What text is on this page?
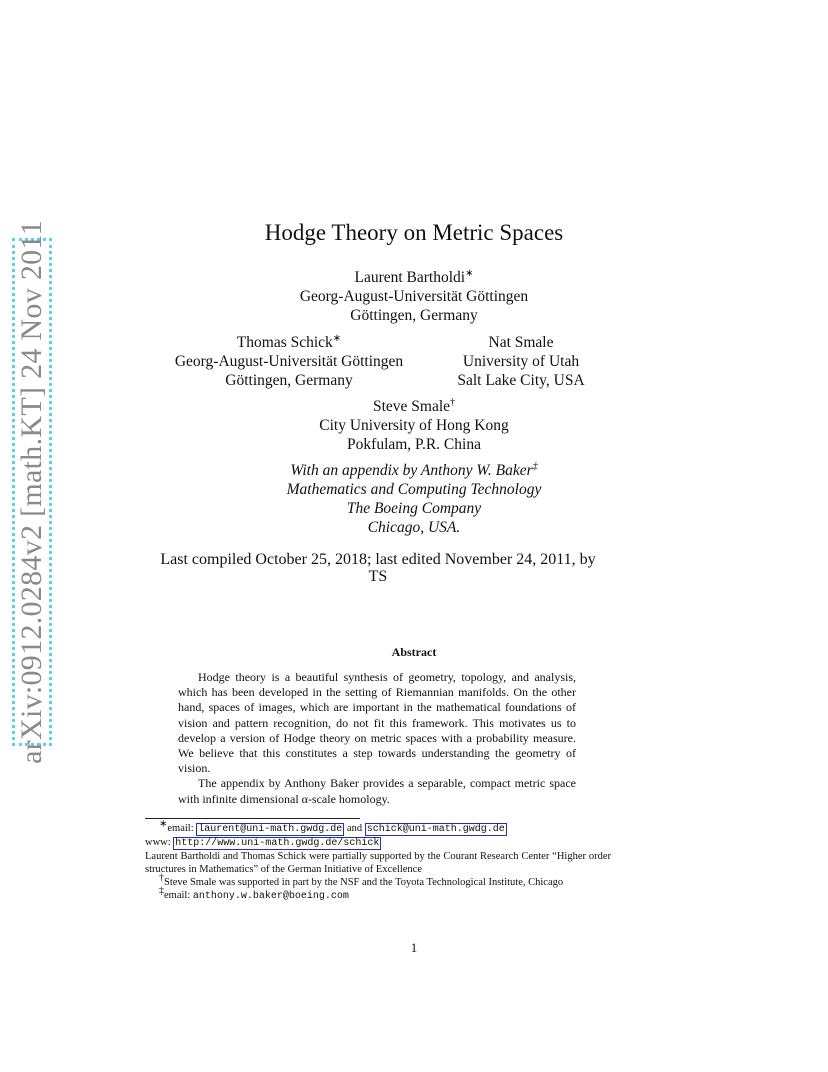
arXiv:0912.0284v2 [math.KT] 24 Nov 2011	Hodge Theory on Metric Spaces
Laurent Bartholdi∗
Georg-August-Universität Göttingen
Göttingen, Germany
Thomas Schick∗
Georg-August-Universität Göttingen
Göttingen, Germany
Nat Smale
University of Utah
Salt Lake City, USA
Steve Smale†
City University of Hong Kong
Pokfulam, P.R. China
With an appendix by Anthony W. Baker‡
Mathematics and Computing Technology
The Boeing Company
Chicago, USA.
Last compiled October 25, 2018; last edited November 24, 2011, by
TS
Abstract

Hodge theory is a beautiful synthesis of geometry, topology, and analysis, which has been developed in the setting of Riemannian manifolds. On the other hand, spaces of images, which are important in the mathematical foundations of vision and pattern recognition, do not fit this framework. This motivates us to develop a version of Hodge theory on metric spaces with a probability measure. We believe that this constitutes a step towards understanding the geometry of vision.

The appendix by Anthony Baker provides a separable, compact metric space with infinite dimensional α-scale homology.

∗email: laurent@uni-math.gwdg.de and schick@uni-math.gwdg.de
www: http://www.uni-math.gwdg.de/schick
Laurent Bartholdi and Thomas Schick were partially supported by the Courant Research Center “Higher order structures in Mathematics” of the German Initiative of Excellence
†Steve Smale was supported in part by the NSF and the Toyota Technological Institute, Chicago
‡email: anthony.w.baker@boeing.com
1
